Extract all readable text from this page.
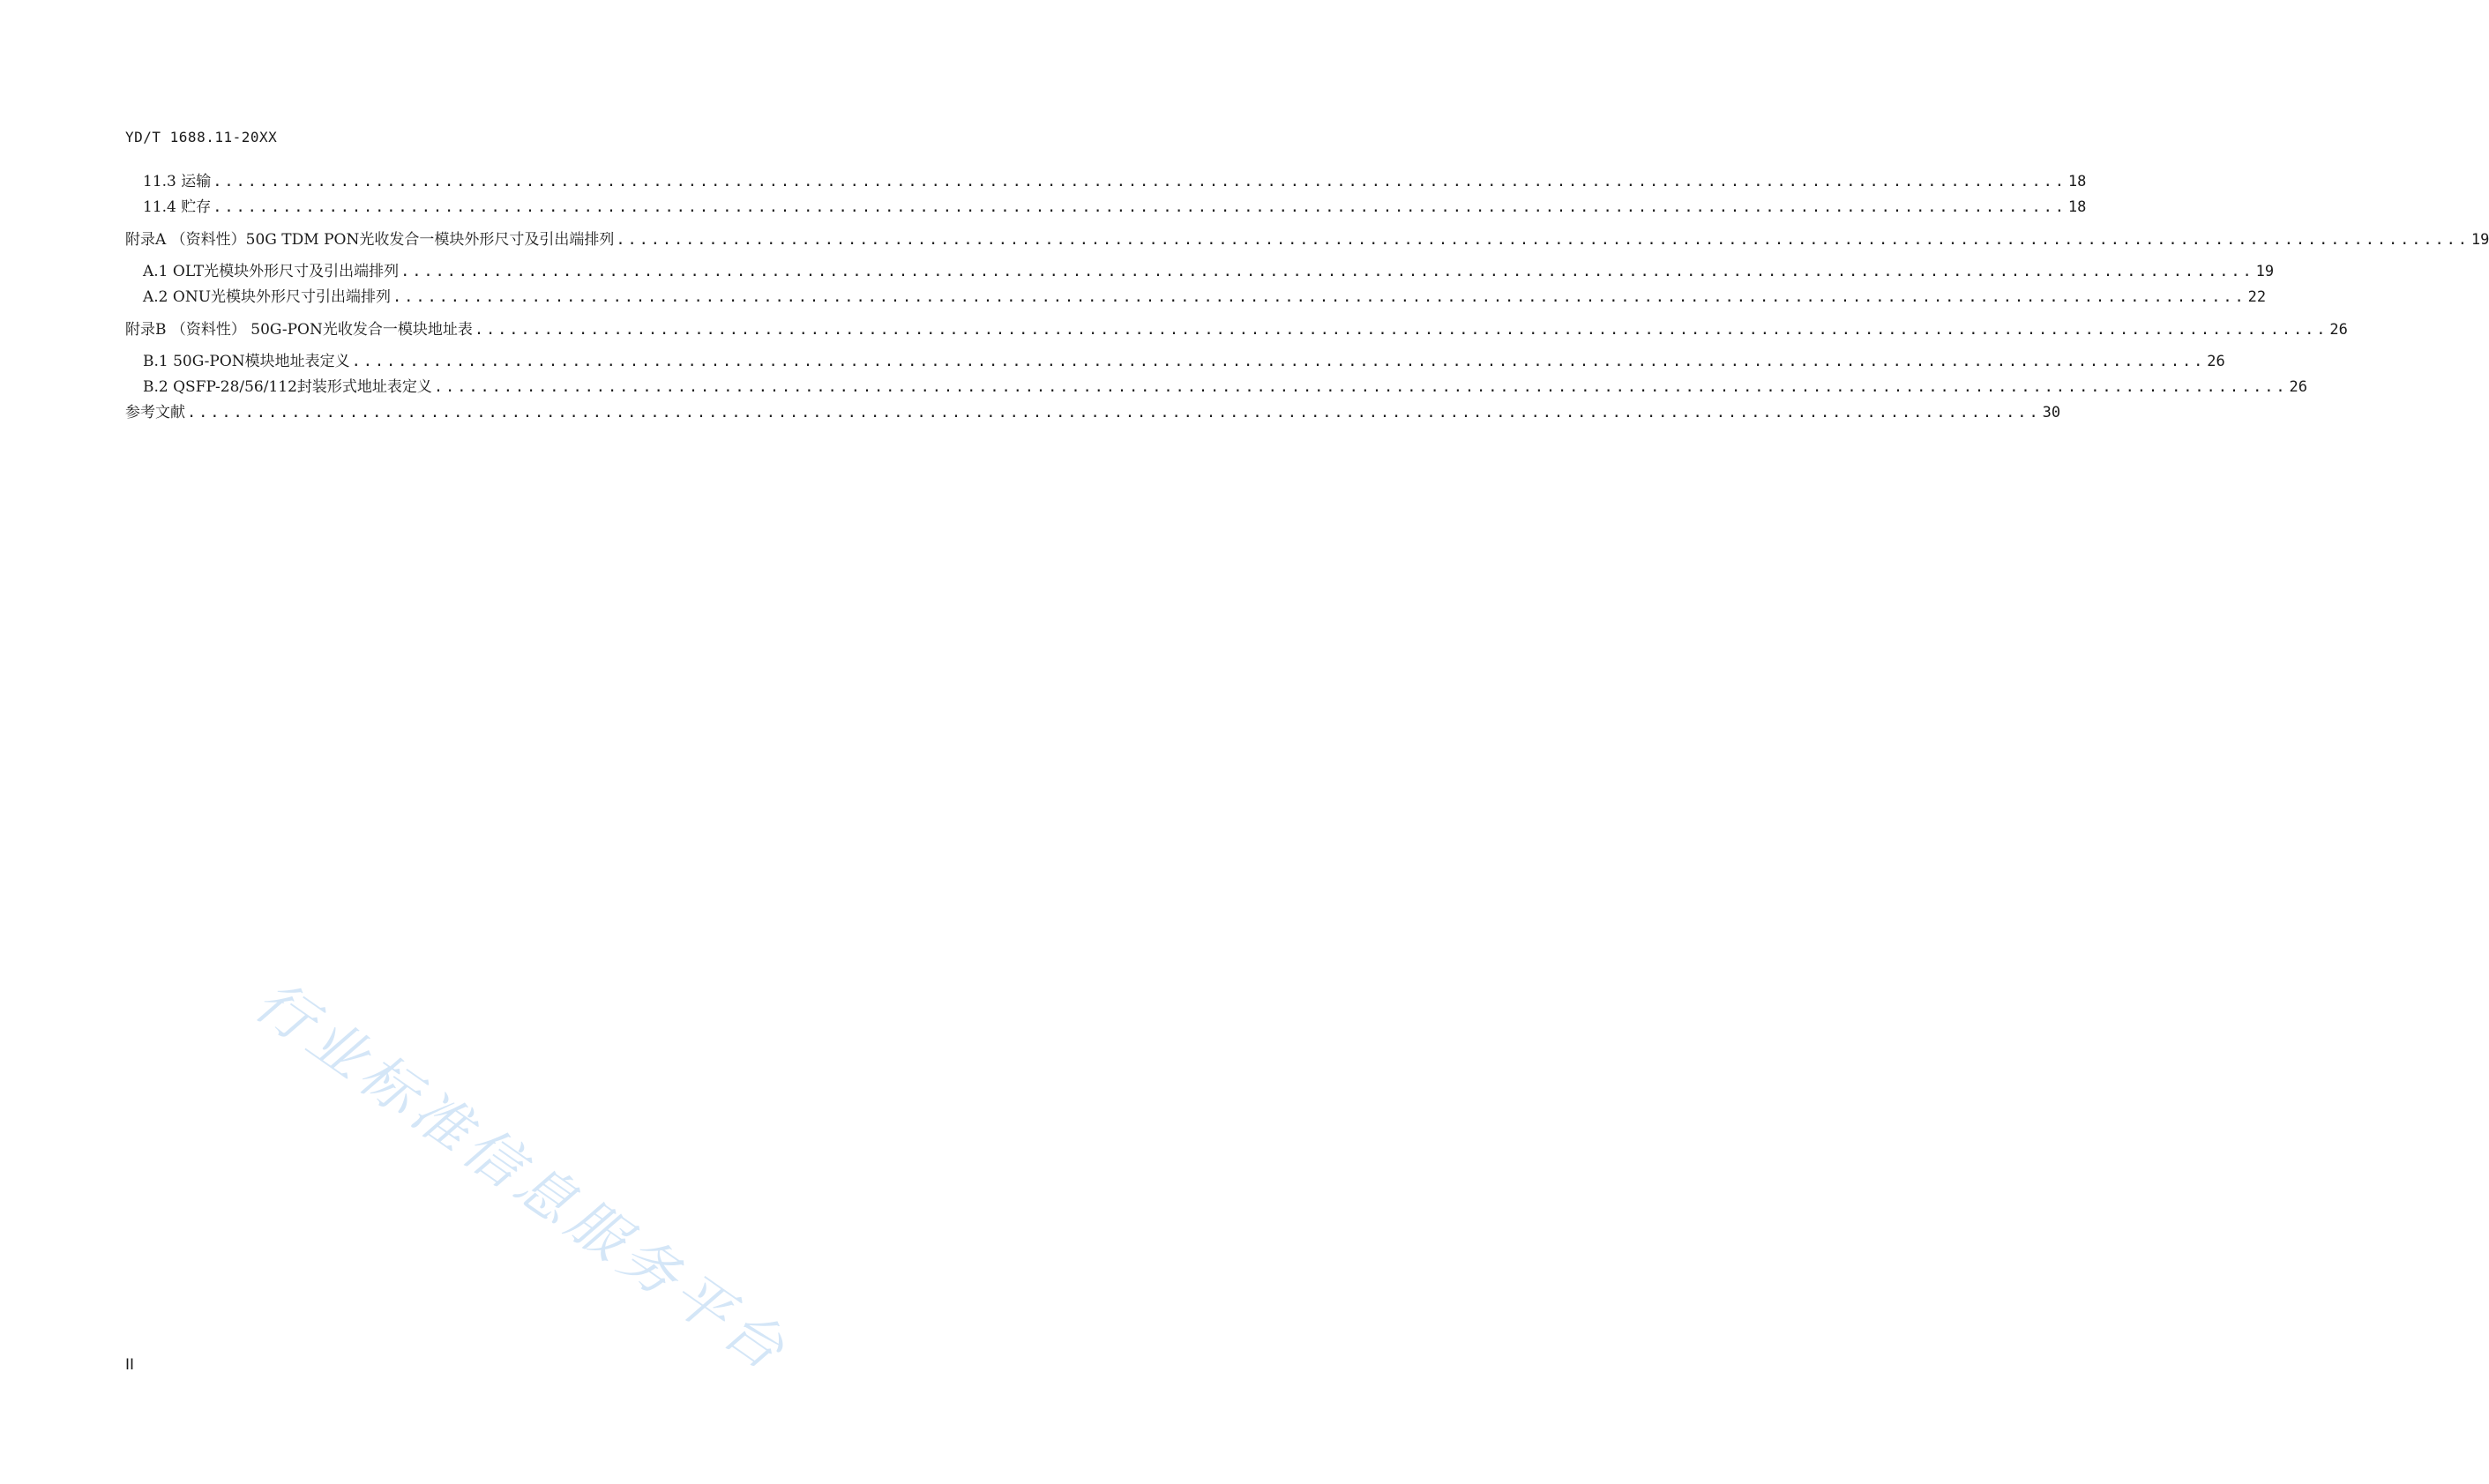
YD/T 1688.11-20XX
11.3 运输 ................................................................................................................................................................ 18
11.4 贮存 ................................................................................................................................................................ 18
附录A （资料性）50G TDM PON光收发合一模块外形尺寸及引出端排列 ................................................................................................................................................................ 19
A.1 OLT光模块外形尺寸及引出端排列 ................................................................................................................................................................ 19
A.2 ONU光模块外形尺寸引出端排列 ................................................................................................................................................................ 22
附录B （资料性） 50G-PON光收发合一模块地址表 ................................................................................................................................................................ 26
B.1 50G-PON模块地址表定义 ................................................................................................................................................................ 26
B.2 QSFP-28/56/112封装形式地址表定义 ................................................................................................................................................................ 26
参考文献 ................................................................................................................................................................ 30
行业标准信息服务平台
II
